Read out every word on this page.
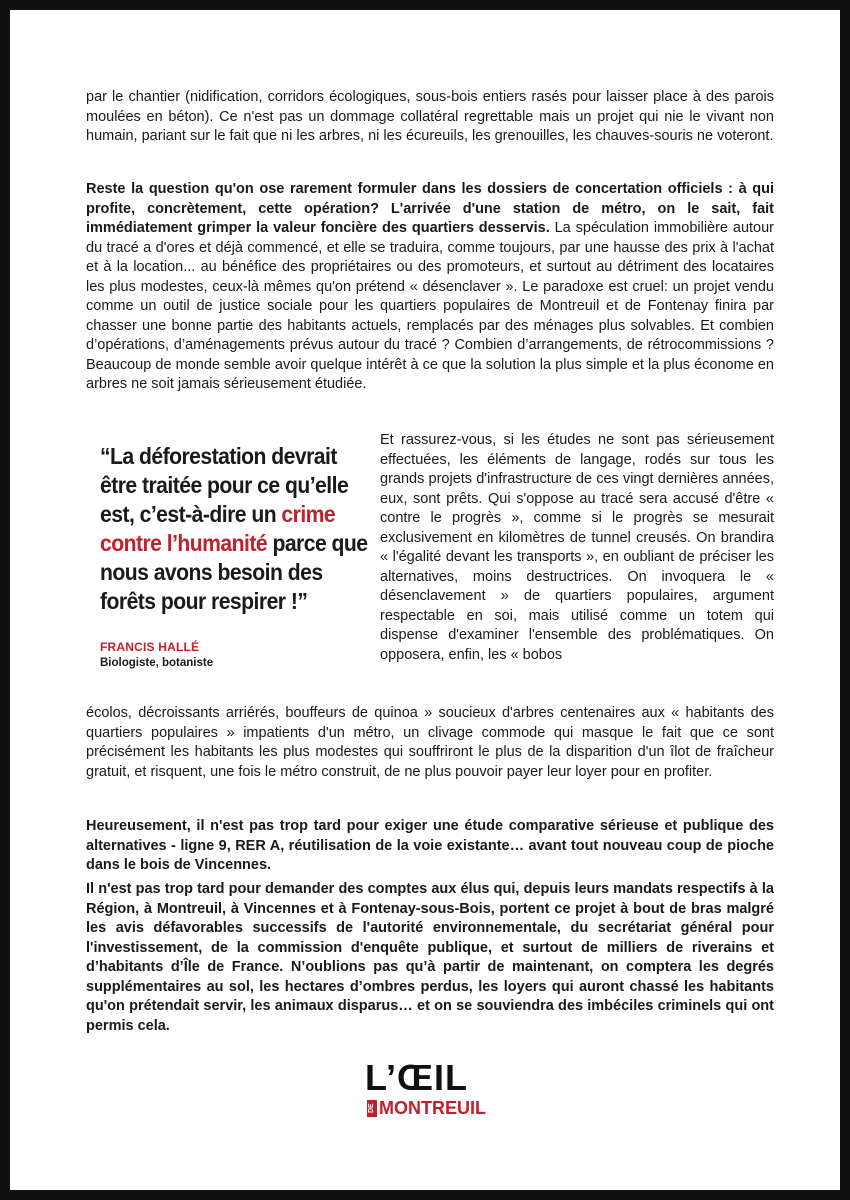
par le chantier (nidification, corridors écologiques, sous-bois entiers rasés pour laisser place à des parois moulées en béton). Ce n'est pas un dommage collatéral regrettable mais un projet qui nie le vivant non humain, pariant sur le fait que ni les arbres, ni les écureuils, les grenouilles, les chauves-souris ne voteront.

Reste la question qu'on ose rarement formuler dans les dossiers de concertation officiels : à qui profite, concrètement, cette opération? L'arrivée d'une station de métro, on le sait, fait immédiatement grimper la valeur foncière des quartiers desservis. La spéculation immobilière autour du tracé a d'ores et déjà commencé, et elle se traduira, comme toujours, par une hausse des prix à l'achat et à la location... au bénéfice des propriétaires ou des promoteurs, et surtout au détriment des locataires les plus modestes, ceux-là mêmes qu'on prétend « désenclaver ». Le paradoxe est cruel: un projet vendu comme un outil de justice sociale pour les quartiers populaires de Montreuil et de Fontenay finira par chasser une bonne partie des habitants actuels, remplacés par des ménages plus solvables. Et combien d’opérations, d’aménagements prévus autour du tracé ? Combien d’arrangements, de rétrocommissions ? Beaucoup de monde semble avoir quelque intérêt à ce que la solution la plus simple et la plus économe en arbres ne soit jamais sérieusement étudiée.

“La déforestation devrait être traitée pour ce qu’elle est, c’est-à-dire un crime contre l’humanité parce que nous avons besoin des forêts pour respirer !”

FRANCIS HALLÉ
Biologiste, botaniste

Et rassurez-vous, si les études ne sont pas sérieusement effectuées, les éléments de langage, rodés sur tous les grands projets d'infrastructure de ces vingt dernières années, eux, sont prêts. Qui s'oppose au tracé sera accusé d'être « contre le progrès », comme si le progrès se mesurait exclusivement en kilomètres de tunnel creusés. On brandira « l'égalité devant les transports », en oubliant de préciser les alternatives, moins destructrices. On invoquera le « désenclavement » de quartiers populaires, argument respectable en soi, mais utilisé comme un totem qui dispense d'examiner l'ensemble des problématiques. On opposera, enfin, les « bobos

écolos, décroissants arriérés, bouffeurs de quinoa » soucieux d'arbres centenaires aux « habitants des quartiers populaires » impatients d'un métro, un clivage commode qui masque le fait que ce sont précisément les habitants les plus modestes qui souffriront le plus de la disparition d'un îlot de fraîcheur gratuit, et risquent, une fois le métro construit, de ne plus pouvoir payer leur loyer pour en profiter.

Heureusement, il n'est pas trop tard pour exiger une étude comparative sérieuse et publique des alternatives - ligne 9, RER A, réutilisation de la voie existante… avant tout nouveau coup de pioche dans le bois de Vincennes.

Il n'est pas trop tard pour demander des comptes aux élus qui, depuis leurs mandats respectifs à la Région, à Montreuil, à Vincennes et à Fontenay-sous-Bois, portent ce projet à bout de bras malgré les avis défavorables successifs de l'autorité environnementale, du secrétariat général pour l'investissement, de la commission d'enquête publique, et surtout de milliers de riverains et d’habitants d’Île de France. N’oublions pas qu’à partir de maintenant, on comptera les degrés supplémentaires au sol, les hectares d’ombres perdus, les loyers qui auront chassé les habitants qu'on prétendait servir, les animaux disparus… et on se souviendra des imbéciles criminels qui ont permis cela.

L’ŒIL
DE MONTREUIL
